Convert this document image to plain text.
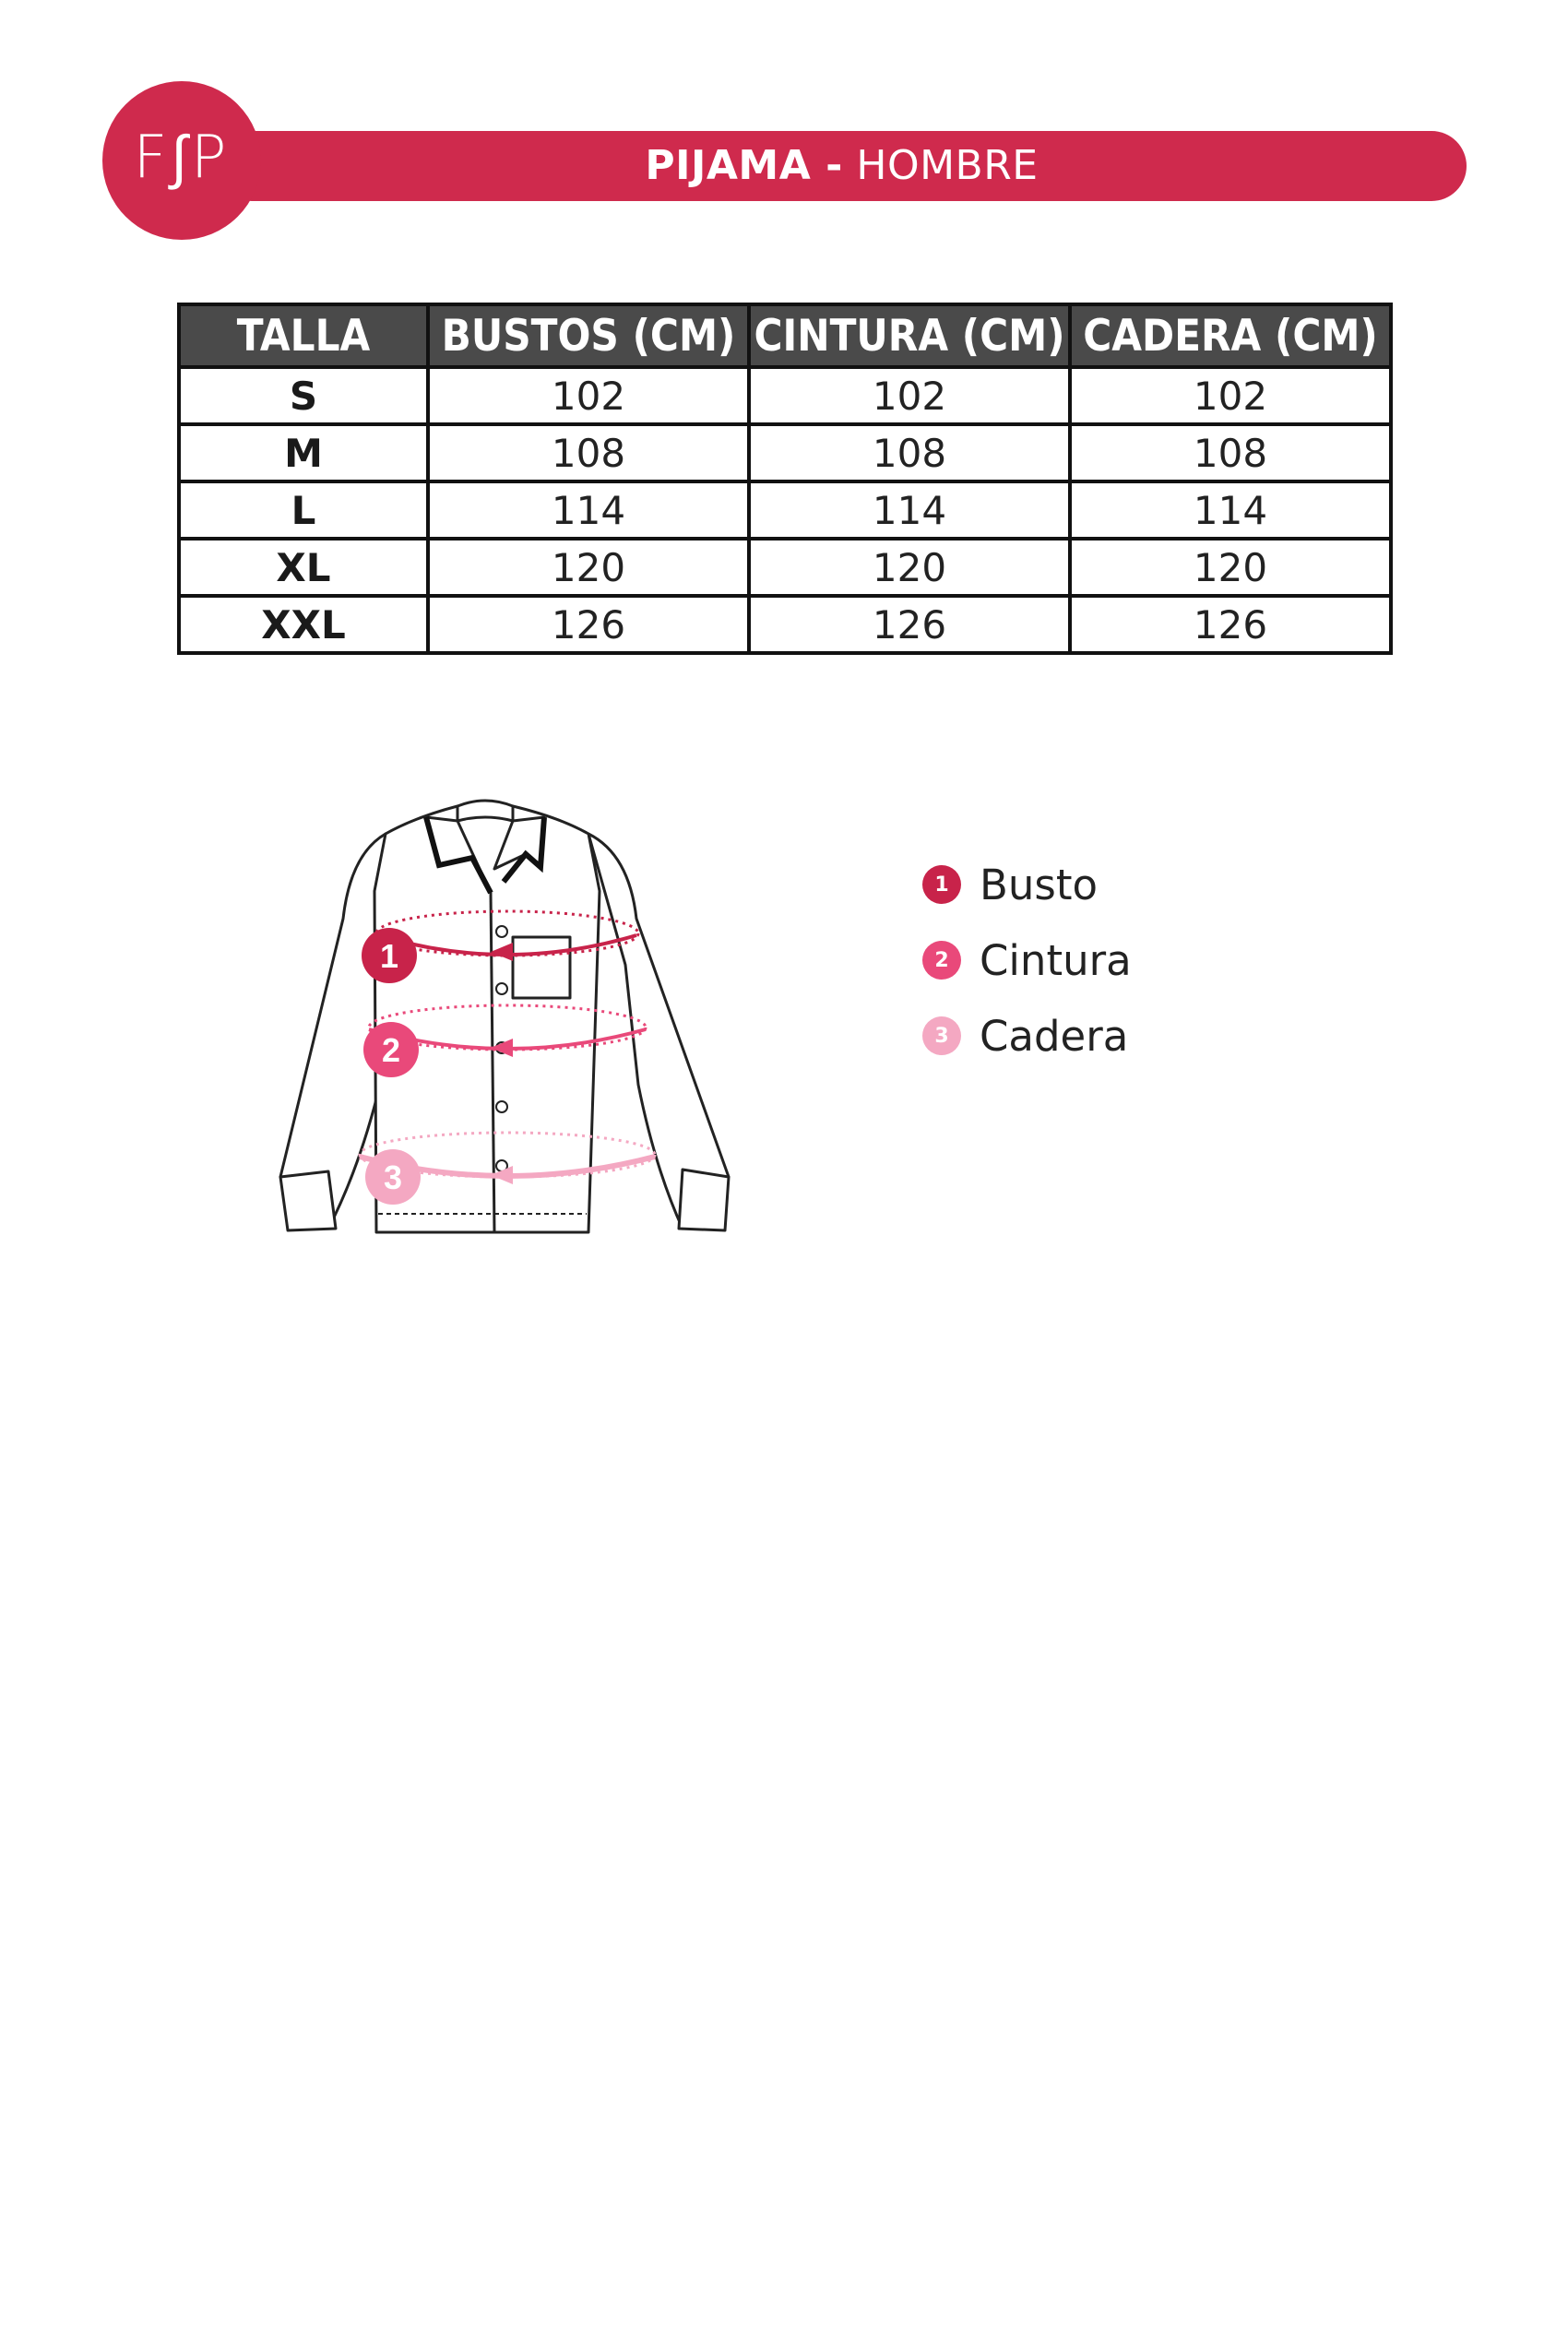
PIJAMA - HOMBRE
F∫P
TALLA	BUSTOS (CM)	CINTURA (CM)	CADERA (CM)
S	102	102	102
M	108	108	108
L	114	114	114
XL	120	120	120
XXL	126	126	126
1
2
3
1 Busto
2 Cintura
3 Cadera
